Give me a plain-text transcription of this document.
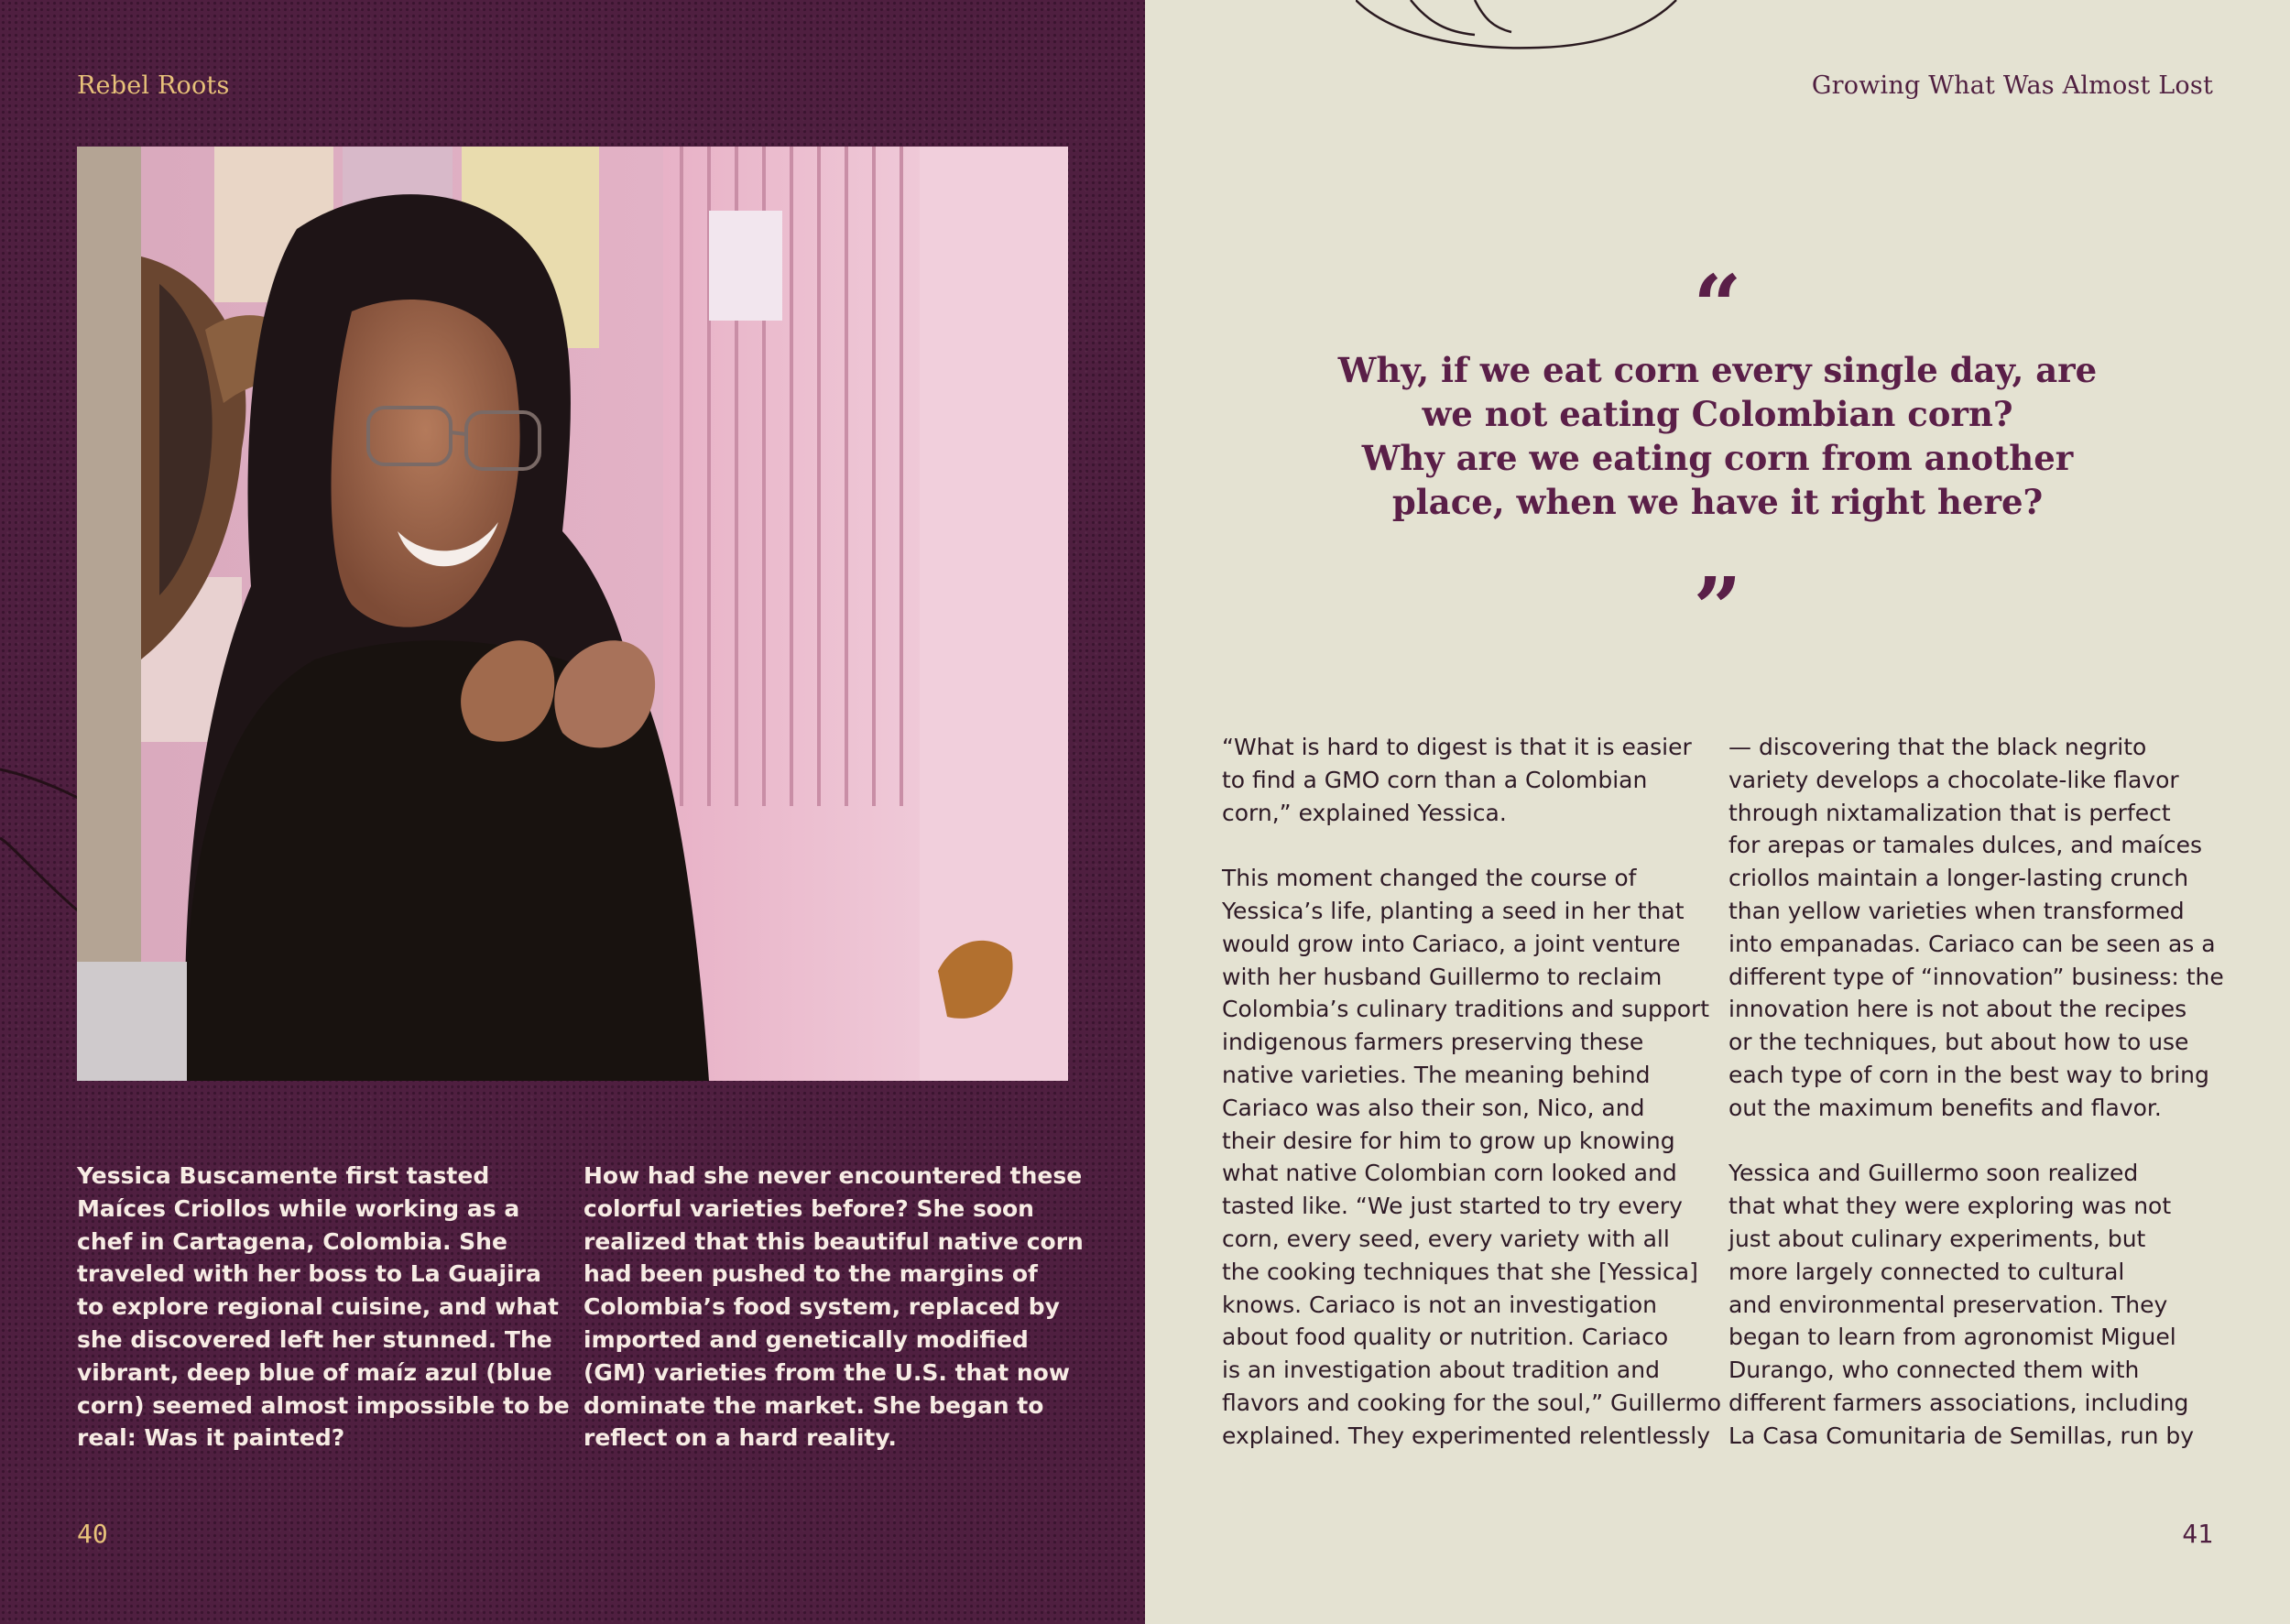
Rebel Roots

Yessica Buscamente first tasted
Maíces Criollos while working as a
chef in Cartagena, Colombia. She
traveled with her boss to La Guajira
to explore regional cuisine, and what
she discovered left her stunned. The
vibrant, deep blue of maíz azul (blue
corn) seemed almost impossible to be
real: Was it painted?

How had she never encountered these
colorful varieties before? She soon
realized that this beautiful native corn
had been pushed to the margins of
Colombia’s food system, replaced by
imported and genetically modified
(GM) varieties from the U.S. that now
dominate the market. She began to
reflect on a hard reality.

40
Growing What Was Almost Lost
“
Why, if we eat corn every single day, are
we not eating Colombian corn?
Why are we eating corn from another
place, when we have it right here?
”
41

“What is hard to digest is that it is easier
to find a GMO corn than a Colombian
corn,” explained Yessica.

This moment changed the course of
Yessica’s life, planting a seed in her that
would grow into Cariaco, a joint venture
with her husband Guillermo to reclaim
Colombia’s culinary traditions and support
indigenous farmers preserving these
native varieties. The meaning behind
Cariaco was also their son, Nico, and
their desire for him to grow up knowing
what native Colombian corn looked and
tasted like. “We just started to try every
corn, every seed, every variety with all
the cooking techniques that she [Yessica]
knows. Cariaco is not an investigation
about food quality or nutrition. Cariaco
is an investigation about tradition and
flavors and cooking for the soul,” Guillermo
explained. They experimented relentlessly

— discovering that the black negrito
variety develops a chocolate-like flavor
through nixtamalization that is perfect
for arepas or tamales dulces, and maíces
criollos maintain a longer-lasting crunch
than yellow varieties when transformed
into empanadas. Cariaco can be seen as a
different type of “innovation” business: the
innovation here is not about the recipes
or the techniques, but about how to use
each type of corn in the best way to bring
out the maximum benefits and flavor.

Yessica and Guillermo soon realized
that what they were exploring was not
just about culinary experiments, but
more largely connected to cultural
and environmental preservation. They
began to learn from agronomist Miguel
Durango, who connected them with
different farmers associations, including
La Casa Comunitaria de Semillas, run by
